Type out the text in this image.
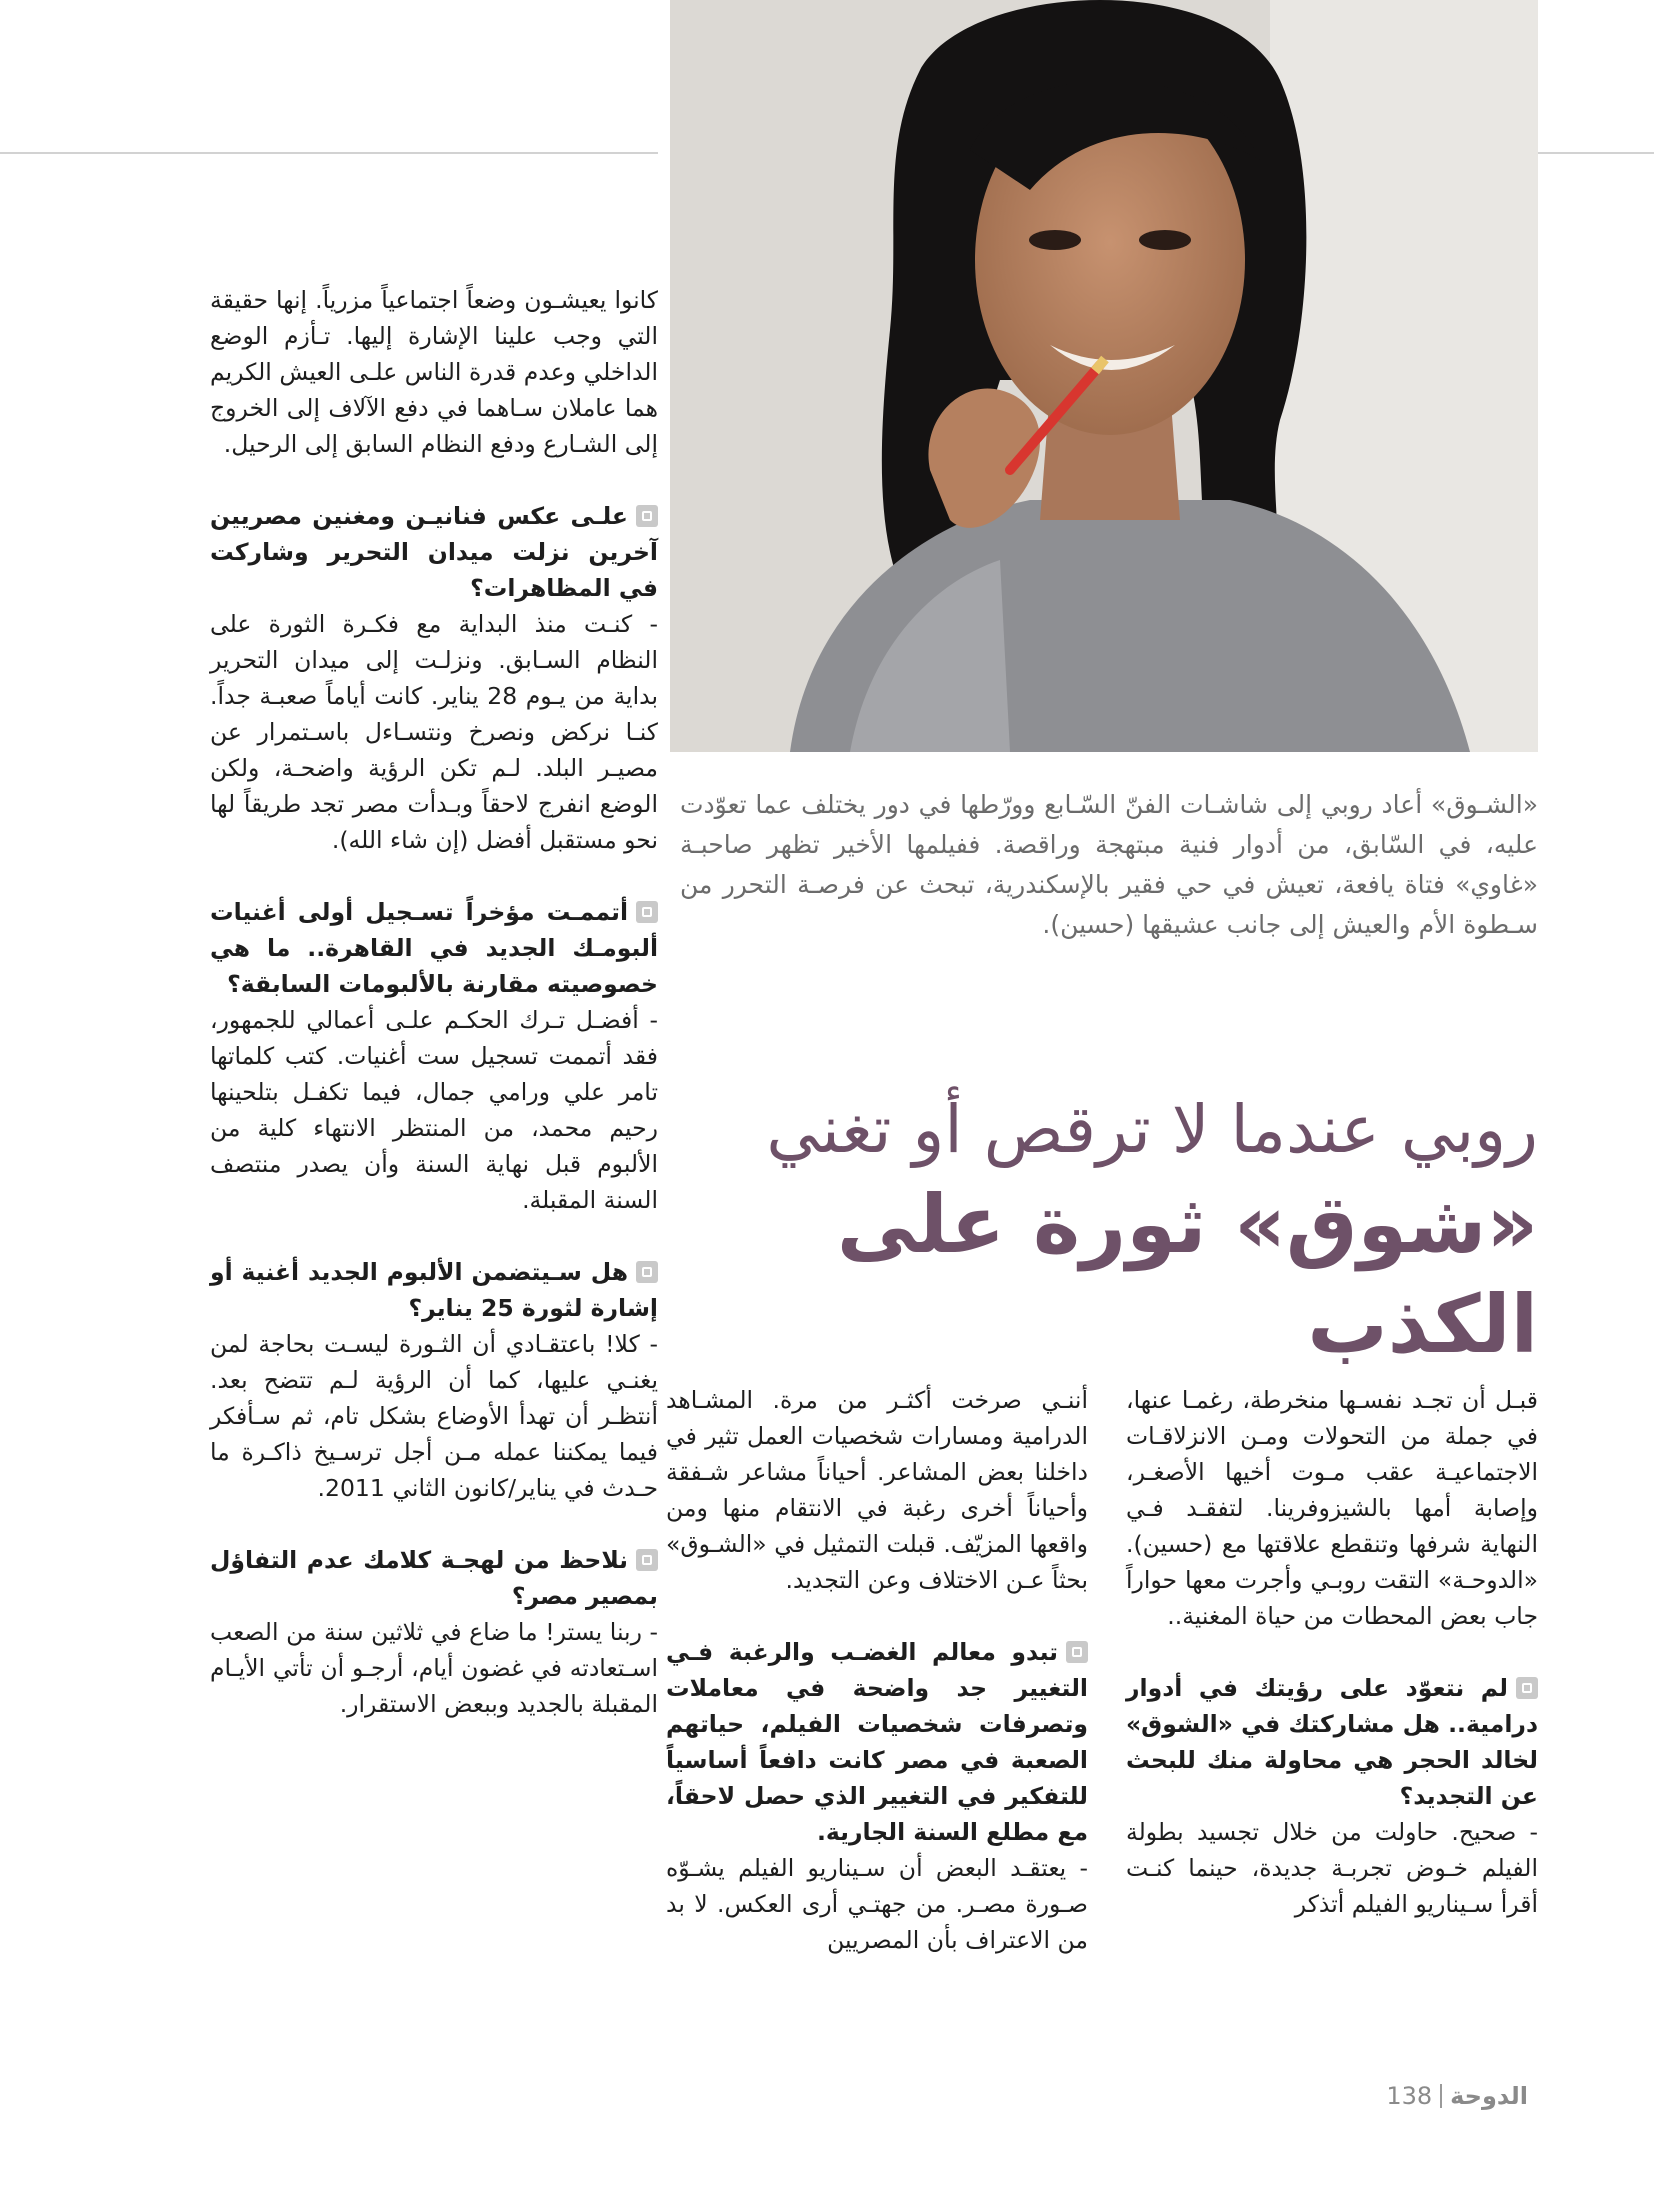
«الشـوق» أعاد روبي إلى شاشـات الفنّ السّـابع وورّطها في دور يختلف عما تعوّدت عليه، في السّابق، من أدوار فنية مبتهجة وراقصة. ففيلمها الأخير تظهر صاحبـة «غاوي» فتاة يافعة، تعيش في حي فقير بالإسكندرية، تبحث عن فرصـة التحرر من سـطوة الأم والعيش إلى جانب عشيقها (حسين).

روبي عندما لا ترقص أو تغني
«شوق» ثورة على الكذب

قبـل أن تجـد نفسـها منخرطة، رغمـا عنها، في جملة من التحولات ومـن الانزلاقـات الاجتماعيـة عقب مـوت أخيها الأصغـر، وإصابة أمها بالشيزوفرينا. لتفقـد فـي النهاية شرفها وتنقطع علاقتها مع (حسين). «الدوحـة» التقت روبـي وأجرت معها حواراً جاب بعض المحطات من حياة المغنية..

لم نتعوّد على رؤيتك في أدوار درامية.. هل مشاركتك في «الشوق» لخالد الحجر هي محاولة منك للبحث عن التجديد؟

- صحيح. حاولت من خلال تجسيد بطولة الفيلم خـوض تجربـة جديدة، حينما كنـت أقرأ سـيناريو الفيلم أتذكر

أننـي صرخت أكثـر من مرة. المشـاهد الدرامية ومسارات شخصيات العمل تثير في داخلنا بعض المشاعر. أحياناً مشاعر شـفقة وأحياناً أخرى رغبة في الانتقام منها ومن واقعها المزيّف. قبلت التمثيل في «الشـوق» بحثاً عـن الاختلاف وعن التجديد.

تبدو معالم الغضـب والرغبة فـي التغيير جد واضحة في معاملات وتصرفات شخصيات الفيلم، حياتهم الصعبة في مصر كانت دافعاً أساسياً للتفكير في التغيير الذي حصل لاحقاً، مع مطلع السنة الجارية.

- يعتقـد البعض أن سـيناريو الفيلم يشـوّه صـورة مصـر. من جهتـي أرى العكس. لا بد من الاعتراف بأن المصريين

كانوا يعيشـون وضعاً اجتماعياً مزرياً. إنها حقيقة التي وجب علينا الإشارة إليها. تـأزم الوضع الداخلي وعدم قدرة الناس علـى العيش الكريم هما عاملان سـاهما في دفع الآلاف إلى الخروج إلى الشـارع ودفع النظام السابق إلى الرحيل.

علـى عكس فنانيـن ومغنين مصريين آخرين نزلت ميدان التحرير وشاركت في المظاهرات؟

- كنـت منذ البداية مع فكـرة الثورة على النظام السـابق. ونزلـت إلى ميدان التحرير بداية من يـوم 28 يناير. كانت أياماً صعبـة جداً. كنـا نركض ونصرخ ونتسـاءل باسـتمرار عن مصيـر البلد. لـم تكن الرؤية واضحـة، ولكن الوضع انفرج لاحقاً وبـدأت مصر تجد طريقاً لها نحو مستقبل أفضل (إن شاء الله).

أتممـت مؤخراً تسـجيل أولى أغنيات ألبومـك الجديد في القاهرة.. ما هي خصوصيته مقارنة بالألبومات السابقة؟

- أفضـل تـرك الحكـم علـى أعمالي للجمهور، فقد أتممت تسجيل ست أغنيات. كتب كلماتها تامر علي ورامي جمال، فيما تكفـل بتلحينها رحيم محمد، من المنتظر الانتهاء كلية من الألبوم قبل نهاية السنة وأن يصدر منتصف السنة المقبلة.

هل سـيتضمن الألبوم الجديد أغنية أو إشارة لثورة 25 يناير؟

- كلا! باعتقـادي أن الثـورة ليسـت بحاجة لمن يغنـي عليها، كما أن الرؤية لـم تتضح بعد. أنتظـر أن تهدأ الأوضاع بشكل تام، ثم سـأفكر فيما يمكننا عمله مـن أجل ترسـيخ ذاكـرة ما حـدث في يناير/كانون الثاني 2011.

نلاحظ من لهجـة كلامك عدم التفاؤل بمصير مصر؟

- ربنا يستر! ما ضاع في ثلاثين سنة من الصعب اسـتعادته في غضون أيام، أرجـو أن تأتي الأيـام المقبلة بالجديد وببعض الاستقرار.

الدوحة138
